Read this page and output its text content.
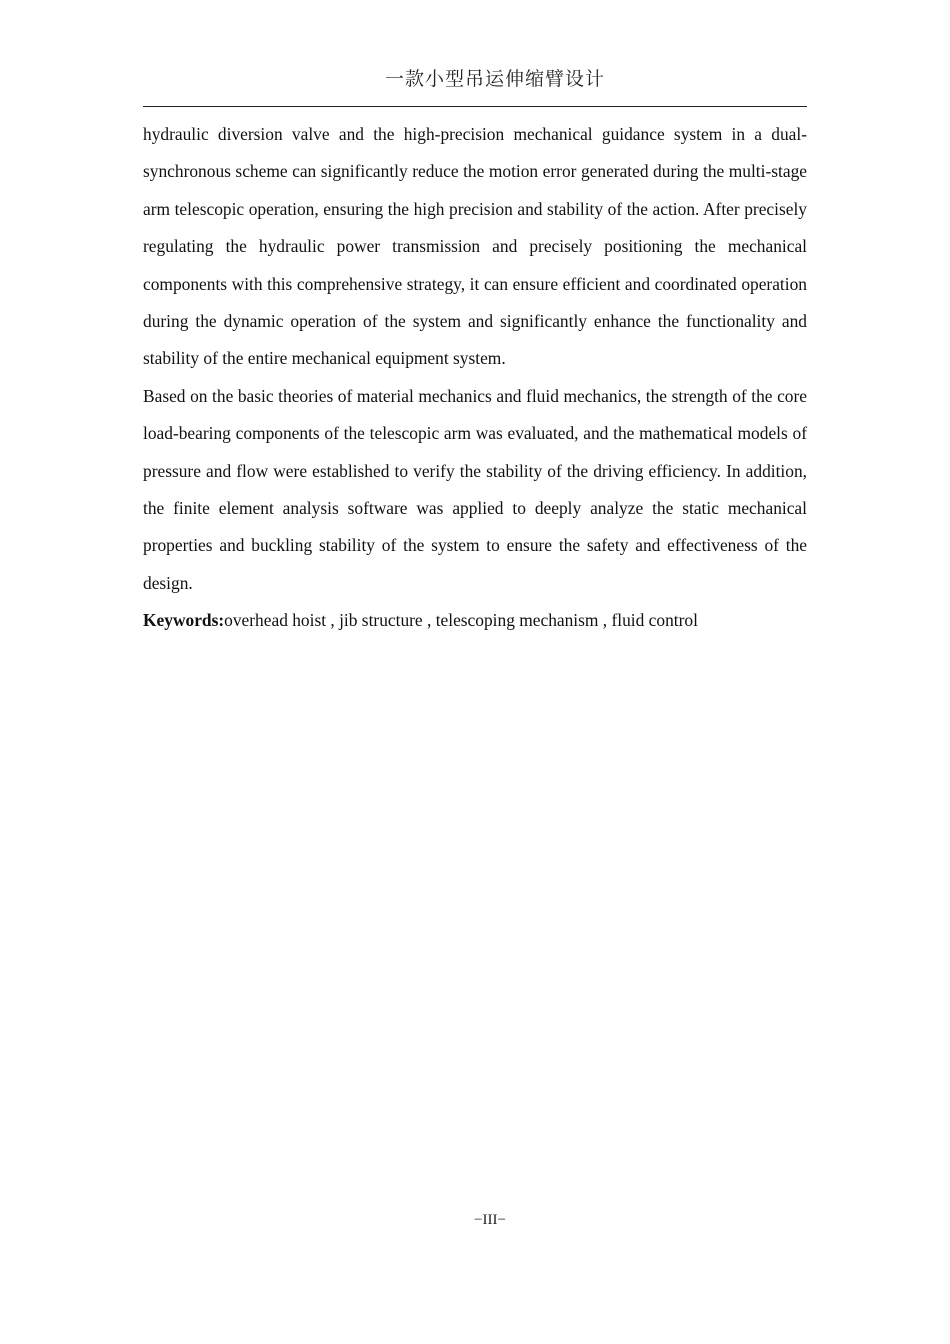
一款小型吊运伸缩臂设计

hydraulic diversion valve and the high-precision mechanical guidance system in a dual-synchronous scheme can significantly reduce the motion error generated during the multi-stage arm telescopic operation, ensuring the high precision and stability of the action. After precisely regulating the hydraulic power transmission and precisely positioning the mechanical components with this comprehensive strategy, it can ensure efficient and coordinated operation during the dynamic operation of the system and significantly enhance the functionality and stability of the entire mechanical equipment system.

Based on the basic theories of material mechanics and fluid mechanics, the strength of the core load-bearing components of the telescopic arm was evaluated, and the mathematical models of pressure and flow were established to verify the stability of the driving efficiency. In addition, the finite element analysis software was applied to deeply analyze the static mechanical properties and buckling stability of the system to ensure the safety and effectiveness of the design.

Keywords:overhead hoist , jib structure , telescoping mechanism , fluid control

−III−
